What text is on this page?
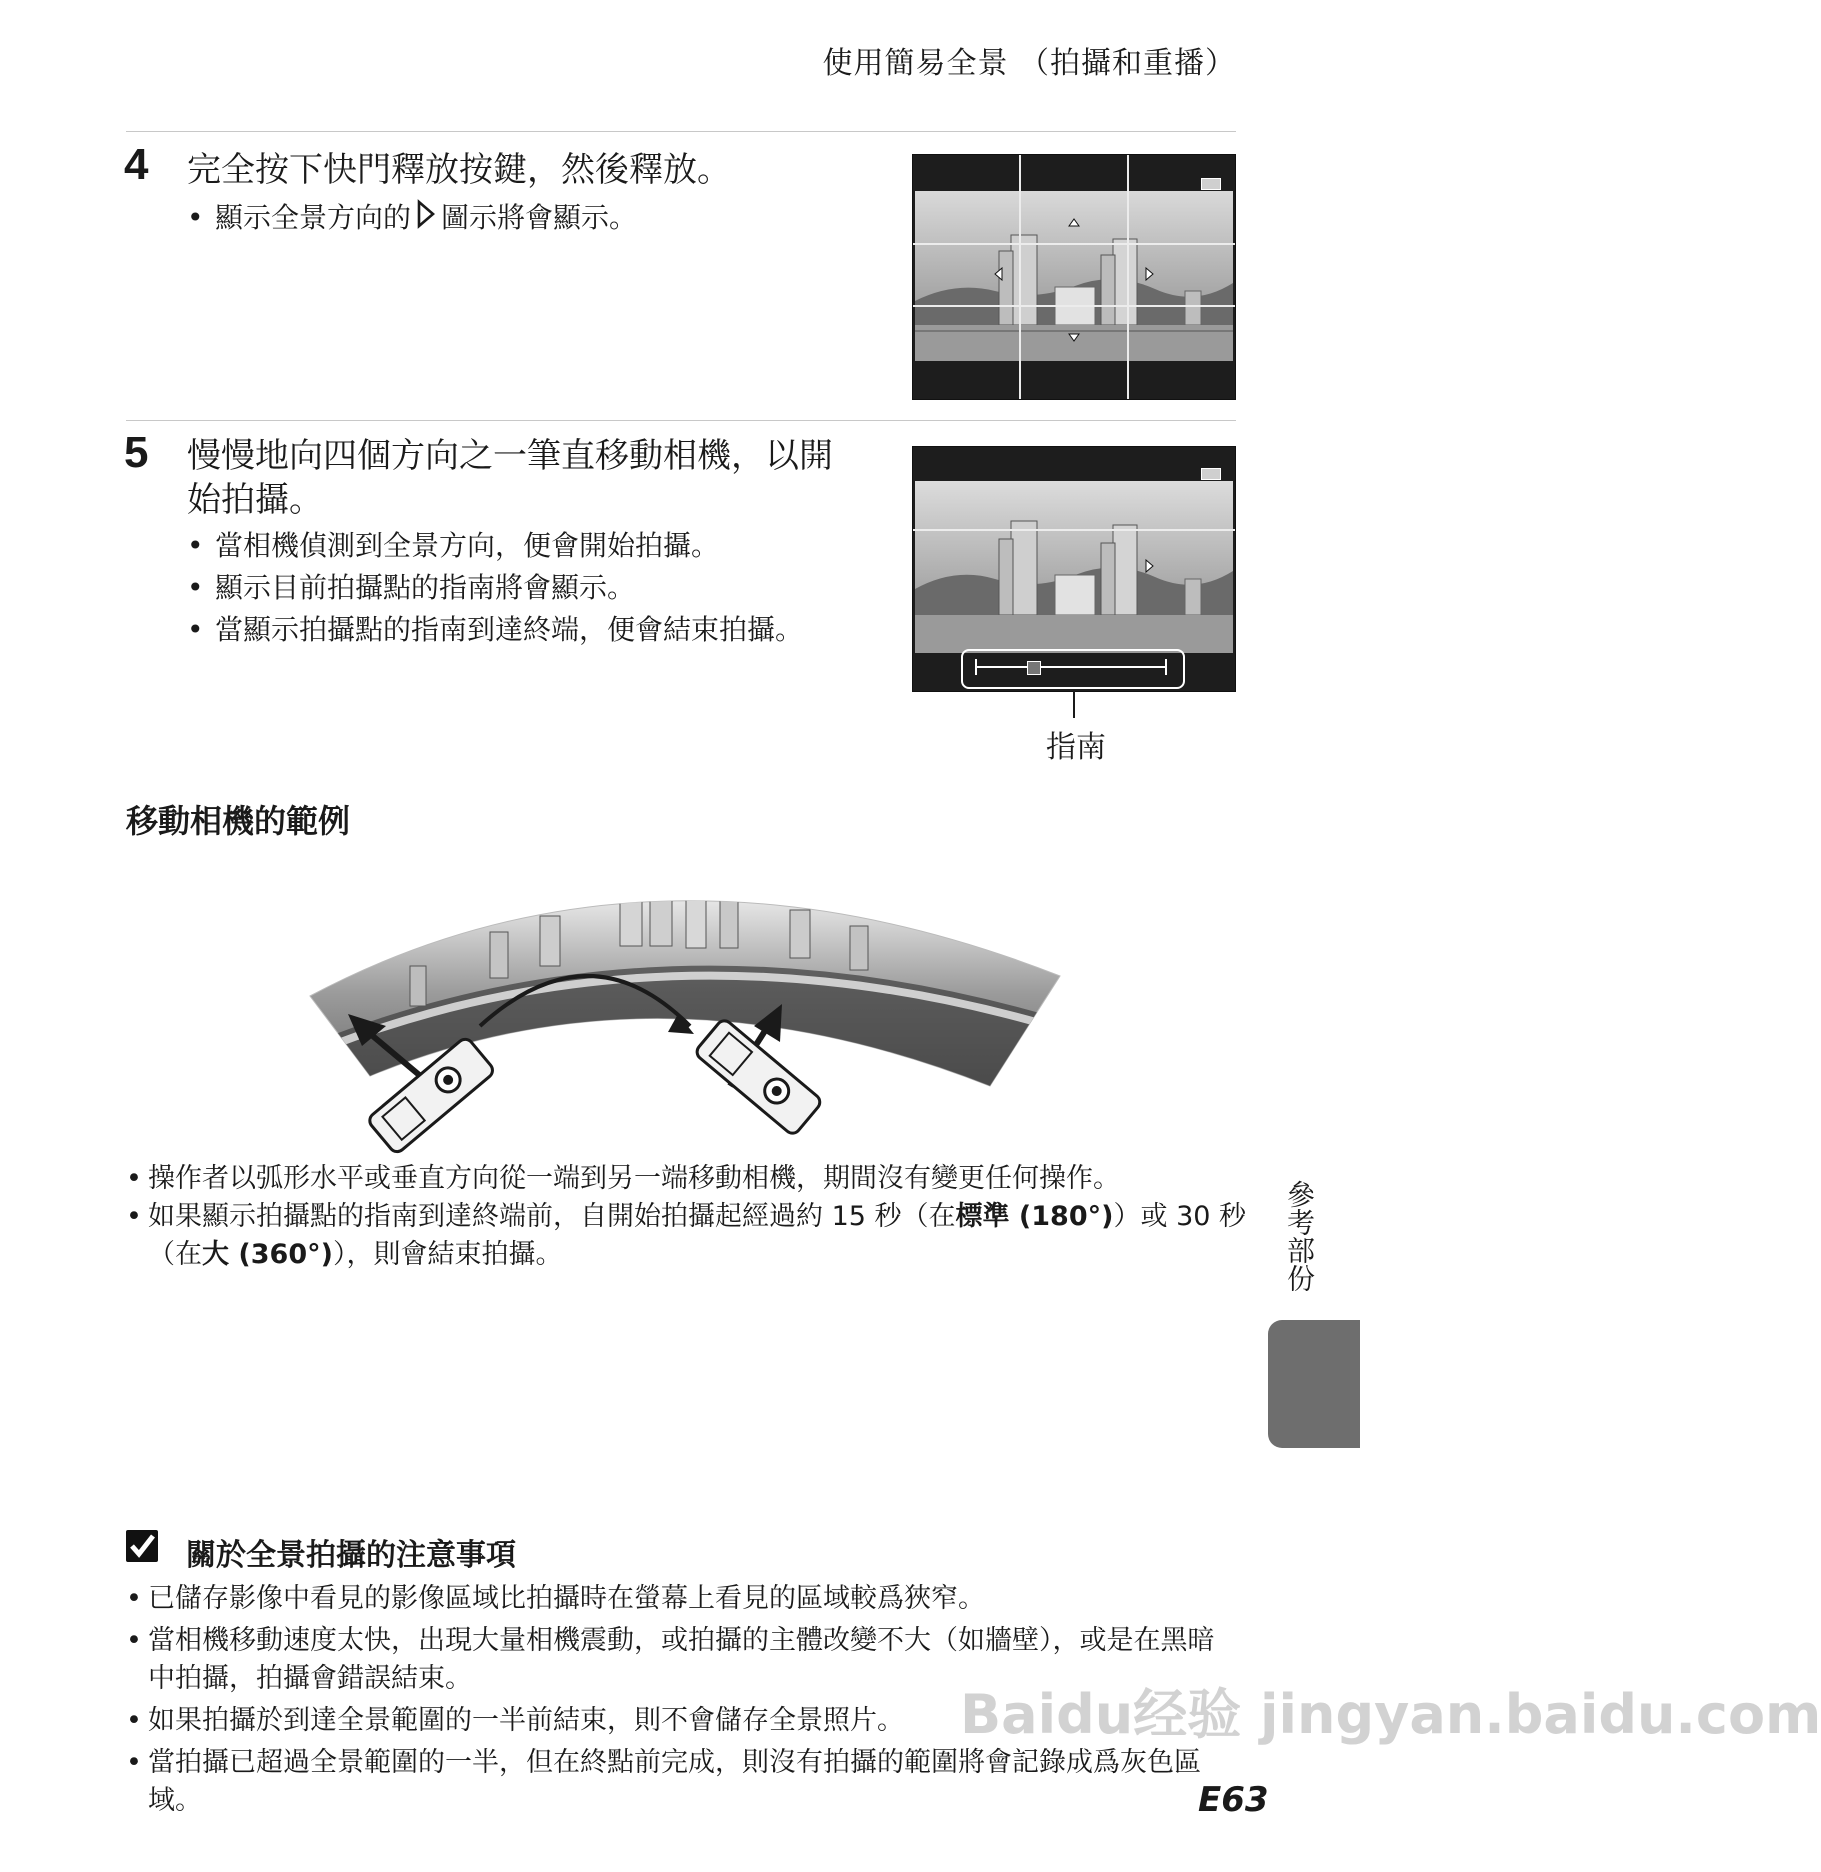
使用簡易全景 （拍攝和重播）
4 完全按下快門釋放按鍵，然後釋放。
• 顯示全景方向的 圖示將會顯示。
5 慢慢地向四個方向之一筆直移動相機，以開
始拍攝。
• 當相機偵測到全景方向，便會開始拍攝。
• 顯示目前拍攝點的指南將會顯示。
• 當顯示拍攝點的指南到達終端，便會結束拍攝。
指南
移動相機的範例
• 操作者以弧形水平或垂直方向從一端到另一端移動相機，期間沒有變更任何操作。
• 如果顯示拍攝點的指南到達終端前，自開始拍攝起經過約 15 秒（在標準 (180°)）或 30 秒
（在大 (360°)），則會結束拍攝。	參考部份
關於全景拍攝的注意事項
• 已儲存影像中看見的影像區域比拍攝時在螢幕上看見的區域較爲狹窄。
• 當相機移動速度太快，出現大量相機震動，或拍攝的主體改變不大（如牆壁），或是在黑暗
中拍攝，拍攝會錯誤結束。
• 如果拍攝於到達全景範圍的一半前結束，則不會儲存全景照片。
• 當拍攝已超過全景範圍的一半，但在終點前完成，則沒有拍攝的範圍將會記錄成爲灰色區域。
Baidu经验 jingyan.baidu.com
E63
